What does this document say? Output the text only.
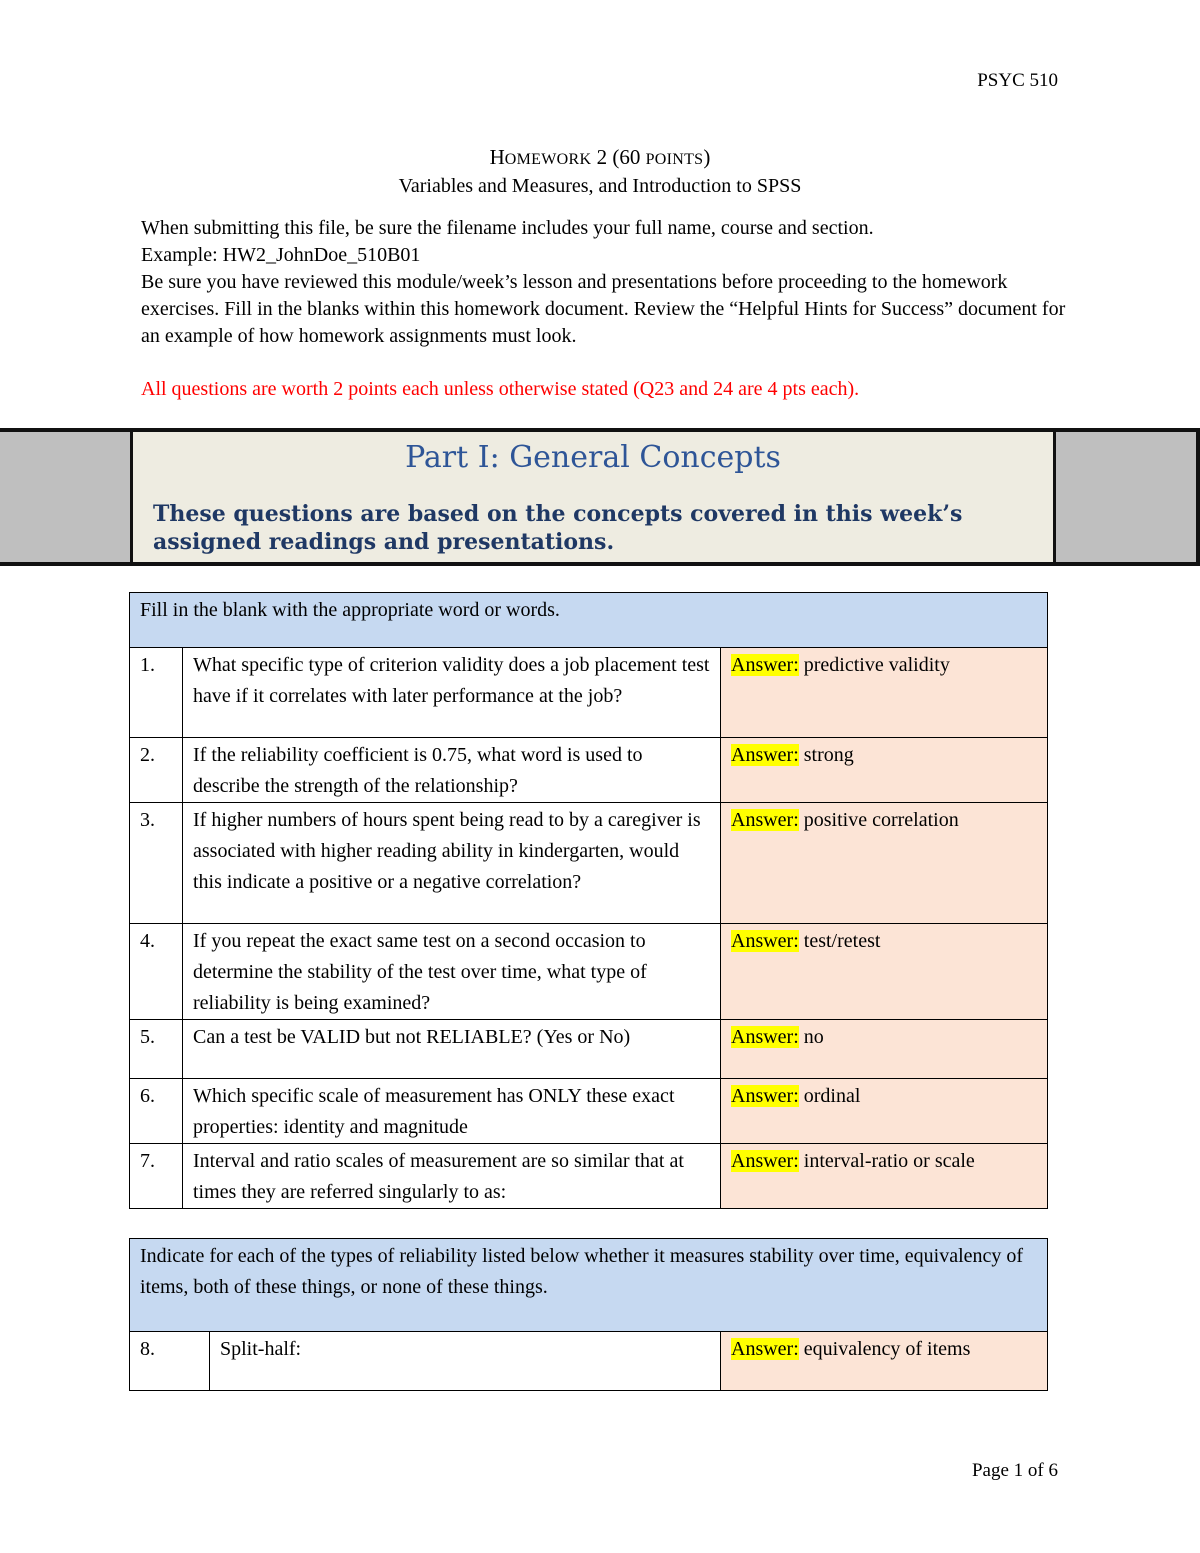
PSYC 510
HOMEWORK 2 (60 POINTS)
Variables and Measures, and Introduction to SPSS

When submitting this file, be sure the filename includes your full name, course and section.

Example: HW2_JohnDoe_510B01

Be sure you have reviewed this module/week’s lesson and presentations before proceeding to the homework exercises. Fill in the blanks within this homework document. Review the “Helpful Hints for Success” document for an example of how homework assignments must look.

All questions are worth 2 points each unless otherwise stated (Q23 and 24 are 4 pts each).
Part I: General Concepts
These questions are based on the concepts covered in this week’s assigned readings and presentations.
Fill in the blank with the appropriate word or words.		
1.	What specific type of criterion validity does a job placement test have if it correlates with later performance at the job?	Answer: predictive validity
2.	If the reliability coefficient is 0.75, what word is used to describe the strength of the relationship?	Answer: strong
3.	If higher numbers of hours spent being read to by a caregiver is associated with higher reading ability in kindergarten, would this indicate a positive or a negative correlation?	Answer: positive correlation
4.	If you repeat the exact same test on a second occasion to determine the stability of the test over time, what type of reliability is being examined?	Answer: test/retest
5.	Can a test be VALID but not RELIABLE? (Yes or No)	Answer: no
6.	Which specific scale of measurement has ONLY these exact properties: identity and magnitude	Answer: ordinal
7.	Interval and ratio scales of measurement are so similar that at times they are referred singularly to as:	Answer: interval-ratio or scale
Indicate for each of the types of reliability listed below whether it measures stability over time, equivalency of items, both of these things, or none of these things.
8.	Split-half:	Answer: equivalency of items
Page 1 of 6
